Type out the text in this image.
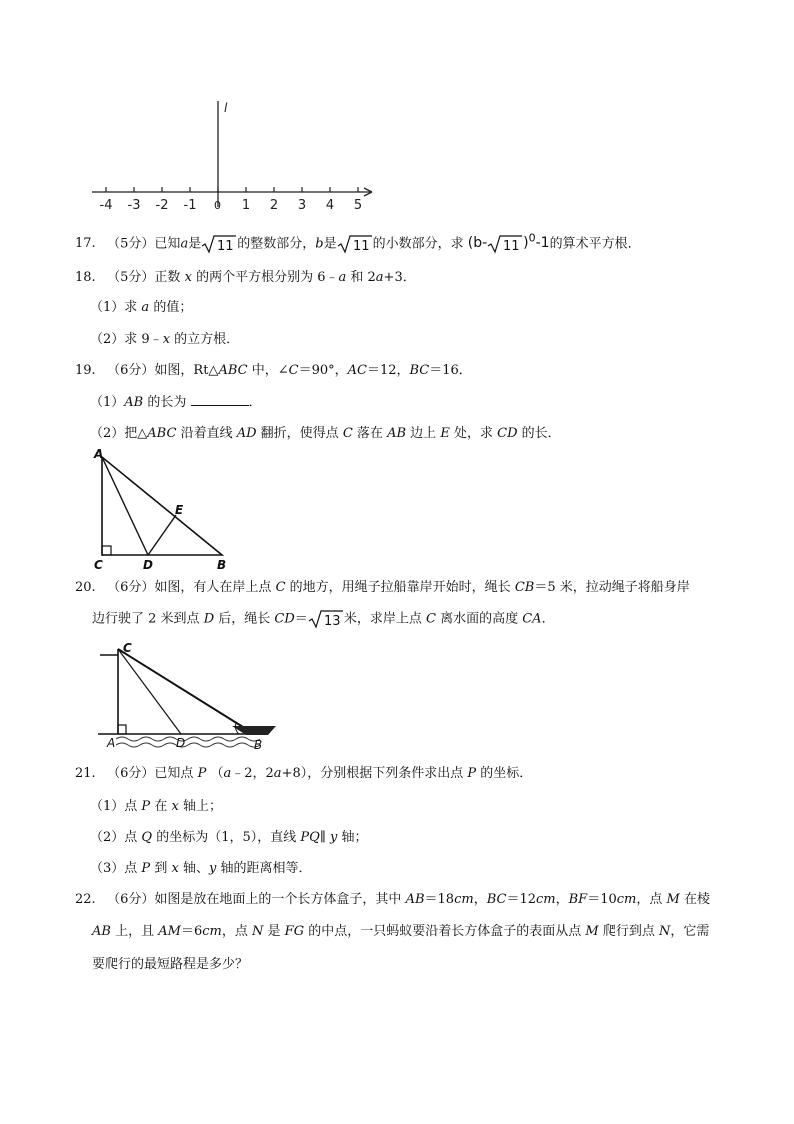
l
-4 -3 -2 -1 0 1 2 3 4 5
17. （5分）已知a是 11 的整数部分，b是 11 的小数部分，求 (b- 11 )$^0$-1的算术平方根．
18. （5分）正数 x 的两个平方根分别为 6﹣a 和 2a+3．
（1）求 a 的值；
（2）求 9﹣x 的立方根．
19. （6分）如图，Rt△ABC 中，∠C＝90°，AC＝12，BC＝16．
（1）AB 的长为	．
（2）把△ABC 沿着直线 AD 翻折，使得点 C 落在 AB 边上 E 处，求 CD 的长．
A
C	D
E
B
20. （6分）如图，有人在岸上点 C 的地方，用绳子拉船靠岸开始时，绳长 CB＝5 米，拉动绳子将船身岸
边行驶了 2 米到点 D 后，绳长 CD＝ 13 米，求岸上点 C 离水面的高度 CA．
C
A	D	B
21. （6分）已知点 P （a﹣2，2a+8），分别根据下列条件求出点 P 的坐标．
（1）点 P 在 x 轴上；
（2）点 Q 的坐标为（1，5），直线 PQ∥ y 轴；
（3）点 P 到 x 轴、y 轴的距离相等．
22. （6分）如图是放在地面上的一个长方体盒子，其中 AB＝18cm，BC＝12cm，BF＝10cm，点 M 在棱
AB 上，且 AM＝6cm，点 N 是 FG 的中点，一只蚂蚁要沿着长方体盒子的表面从点 M 爬行到点 N，它需
要爬行的最短路程是多少？
